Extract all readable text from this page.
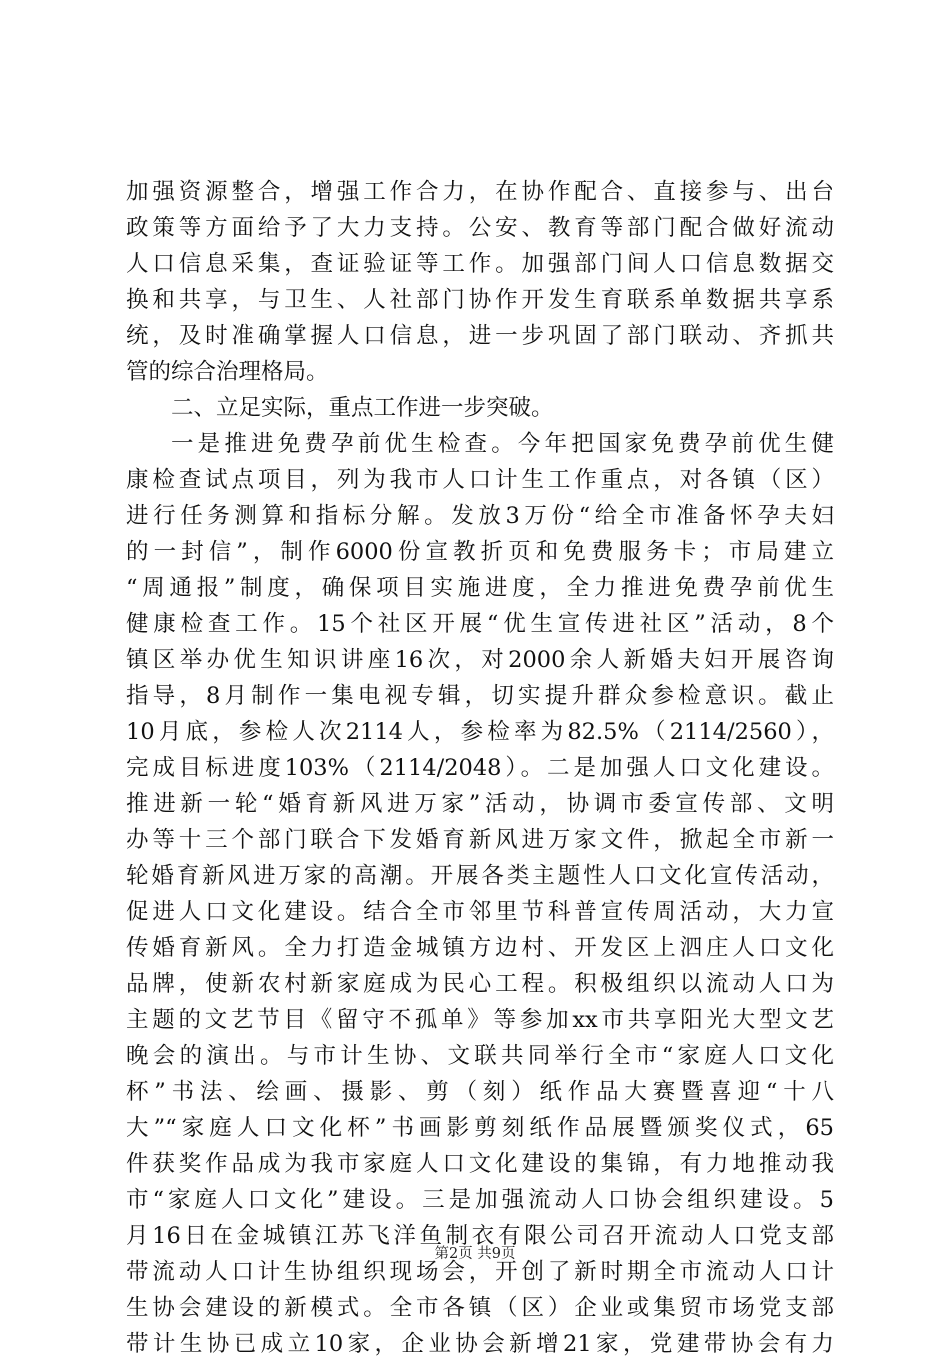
加强资源整合，增强工作合力，在协作配合、直接参与、出台
政策等方面给予了大力支持。公安、教育等部门配合做好流动
人口信息采集，查证验证等工作。加强部门间人口信息数据交
换和共享，与卫生、人社部门协作开发生育联系单数据共享系
统，及时准确掌握人口信息，进一步巩固了部门联动、齐抓共
管的综合治理格局。
二、立足实际，重点工作进一步突破。
一是推进免费孕前优生检查。今年把国家免费孕前优生健
康检查试点项目，列为我市人口计生工作重点，对各镇（区）
进行任务测算和指标分解。发放3万份“给全市准备怀孕夫妇
的一封信”，制作6000份宣教折页和免费服务卡；市局建立
“周通报”制度，确保项目实施进度，全力推进免费孕前优生
健康检查工作。15个社区开展“优生宣传进社区”活动，8个
镇区举办优生知识讲座16次，对2000余人新婚夫妇开展咨询
指导，8月制作一集电视专辑，切实提升群众参检意识。截止
10月底，参检人次2114人，参检率为82.5%（2114/2560），
完成目标进度103%（2114/2048）。二是加强人口文化建设。
推进新一轮“婚育新风进万家”活动，协调市委宣传部、文明
办等十三个部门联合下发婚育新风进万家文件，掀起全市新一
轮婚育新风进万家的高潮。开展各类主题性人口文化宣传活动，
促进人口文化建设。结合全市邻里节科普宣传周活动，大力宣
传婚育新风。全力打造金城镇方边村、开发区上泗庄人口文化
品牌，使新农村新家庭成为民心工程。积极组织以流动人口为
主题的文艺节目《留守不孤单》等参加xx市共享阳光大型文艺
晚会的演出。与市计生协、文联共同举行全市“家庭人口文化
杯”书法、绘画、摄影、剪（刻）纸作品大赛暨喜迎“十八
大”“家庭人口文化杯”书画影剪刻纸作品展暨颁奖仪式，65
件获奖作品成为我市家庭人口文化建设的集锦，有力地推动我
市“家庭人口文化”建设。三是加强流动人口协会组织建设。5
月16日在金城镇江苏飞洋鱼制衣有限公司召开流动人口党支部
带流动人口计生协组织现场会，开创了新时期全市流动人口计
生协会建设的新模式。全市各镇（区）企业或集贸市场党支部
带计生协已成立10家，企业协会新增21家，党建带协会有力
第2页 共9页
